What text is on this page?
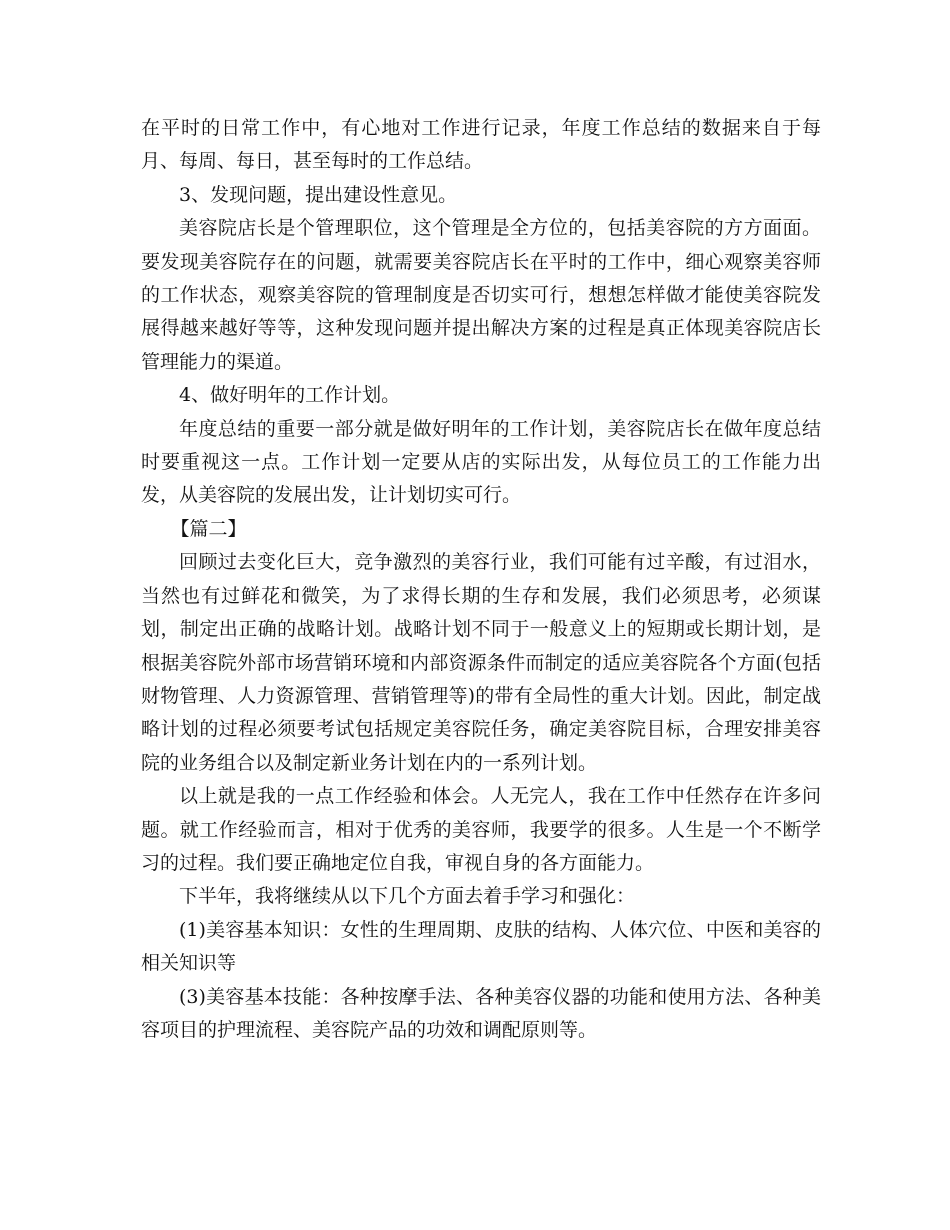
在平时的日常工作中，有心地对工作进行记录，年度工作总结的数据来自于每月、每周、每日，甚至每时的工作总结。

3、发现问题，提出建设性意见。

美容院店长是个管理职位，这个管理是全方位的，包括美容院的方方面面。要发现美容院存在的问题，就需要美容院店长在平时的工作中，细心观察美容师的工作状态，观察美容院的管理制度是否切实可行，想想怎样做才能使美容院发展得越来越好等等，这种发现问题并提出解决方案的过程是真正体现美容院店长管理能力的渠道。

4、做好明年的工作计划。

年度总结的重要一部分就是做好明年的工作计划，美容院店长在做年度总结时要重视这一点。工作计划一定要从店的实际出发，从每位员工的工作能力出发，从美容院的发展出发，让计划切实可行。

【篇二】

回顾过去变化巨大，竞争激烈的美容行业，我们可能有过辛酸，有过泪水，当然也有过鲜花和微笑，为了求得长期的生存和发展，我们必须思考，必须谋划，制定出正确的战略计划。战略计划不同于一般意义上的短期或长期计划，是根据美容院外部市场营销环境和内部资源条件而制定的适应美容院各个方面(包括财物管理、人力资源管理、营销管理等)的带有全局性的重大计划。因此，制定战略计划的过程必须要考试包括规定美容院任务，确定美容院目标，合理安排美容院的业务组合以及制定新业务计划在内的一系列计划。

以上就是我的一点工作经验和体会。人无完人，我在工作中任然存在许多问题。就工作经验而言，相对于优秀的美容师，我要学的很多。人生是一个不断学习的过程。我们要正确地定位自我，审视自身的各方面能力。

下半年，我将继续从以下几个方面去着手学习和强化：

(1)美容基本知识：女性的生理周期、皮肤的结构、人体穴位、中医和美容的相关知识等

(3)美容基本技能：各种按摩手法、各种美容仪器的功能和使用方法、各种美容项目的护理流程、美容院产品的功效和调配原则等。
